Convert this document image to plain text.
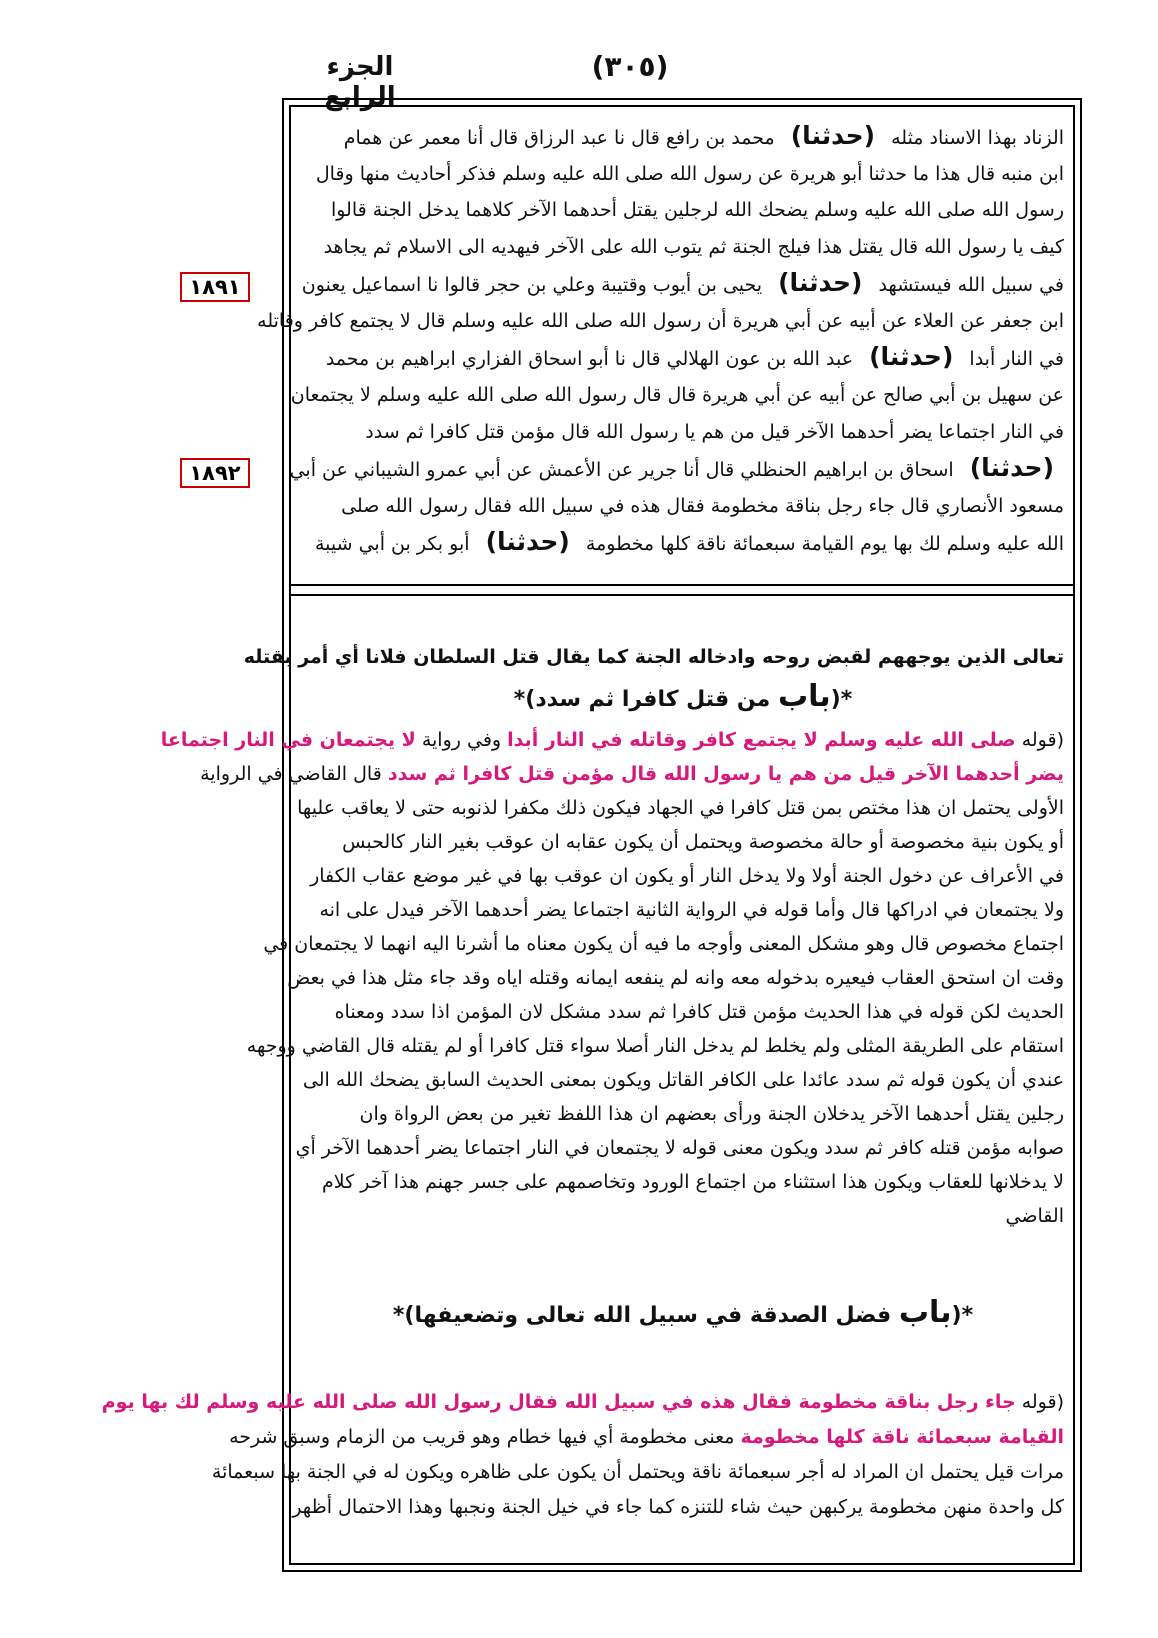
(٣٠٥)
الجزء الرابع
١٨٩١
١٨٩٢
الزناد بهذا الاسناد مثله (حدثنا) محمد بن رافع قال نا عبد الرزاق قال أنا معمر عن همام
ابن منبه قال هذا ما حدثنا أبو هريرة عن رسول الله صلى الله عليه وسلم فذكر أحاديث منها وقال
رسول الله صلى الله عليه وسلم يضحك الله لرجلين يقتل أحدهما الآخر كلاهما يدخل الجنة قالوا
كيف يا رسول الله قال يقتل هذا فيلج الجنة ثم يتوب الله على الآخر فيهديه الى الاسلام ثم يجاهد
في سبيل الله فيستشهد (حدثنا) يحيى بن أيوب وقتيبة وعلي بن حجر قالوا نا اسماعيل يعنون
ابن جعفر عن العلاء عن أبيه عن أبي هريرة أن رسول الله صلى الله عليه وسلم قال لا يجتمع كافر وقاتله
في النار أبدا (حدثنا) عبد الله بن عون الهلالي قال نا أبو اسحاق الفزاري ابراهيم بن محمد
عن سهيل بن أبي صالح عن أبيه عن أبي هريرة قال قال رسول الله صلى الله عليه وسلم لا يجتمعان
في النار اجتماعا يضر أحدهما الآخر قيل من هم يا رسول الله قال مؤمن قتل كافرا ثم سدد
(حدثنا) اسحاق بن ابراهيم الحنظلي قال أنا جرير عن الأعمش عن أبي عمرو الشيباني عن أبي
مسعود الأنصاري قال جاء رجل بناقة مخطومة فقال هذه في سبيل الله فقال رسول الله صلى
الله عليه وسلم لك بها يوم القيامة سبعمائة ناقة كلها مخطومة (حدثنا) أبو بكر بن أبي شيبة
تعالى الذين يوجههم لقبض روحه وادخاله الجنة كما يقال قتل السلطان فلانا أي أمر بقتله
*(باب من قتل كافرا ثم سدد)*
(قوله صلى الله عليه وسلم لا يجتمع كافر وقاتله في النار أبدا وفي رواية لا يجتمعان في النار اجتماعا
يضر أحدهما الآخر قيل من هم يا رسول الله قال مؤمن قتل كافرا ثم سدد قال القاضي في الرواية
الأولى يحتمل ان هذا مختص بمن قتل كافرا في الجهاد فيكون ذلك مكفرا لذنوبه حتى لا يعاقب عليها
أو يكون بنية مخصوصة أو حالة مخصوصة ويحتمل أن يكون عقابه ان عوقب بغير النار كالحبس
في الأعراف عن دخول الجنة أولا ولا يدخل النار أو يكون ان عوقب بها في غير موضع عقاب الكفار
ولا يجتمعان في ادراكها قال وأما قوله في الرواية الثانية اجتماعا يضر أحدهما الآخر فيدل على انه
اجتماع مخصوص قال وهو مشكل المعنى وأوجه ما فيه أن يكون معناه ما أشرنا اليه انهما لا يجتمعان في
وقت ان استحق العقاب فيعيره بدخوله معه وانه لم ينفعه ايمانه وقتله اياه وقد جاء مثل هذا في بعض
الحديث لكن قوله في هذا الحديث مؤمن قتل كافرا ثم سدد مشكل لان المؤمن اذا سدد ومعناه
استقام على الطريقة المثلى ولم يخلط لم يدخل النار أصلا سواء قتل كافرا أو لم يقتله قال القاضي ووجهه
عندي أن يكون قوله ثم سدد عائدا على الكافر القاتل ويكون بمعنى الحديث السابق يضحك الله الى
رجلين يقتل أحدهما الآخر يدخلان الجنة ورأى بعضهم ان هذا اللفظ تغير من بعض الرواة وان
صوابه مؤمن قتله كافر ثم سدد ويكون معنى قوله لا يجتمعان في النار اجتماعا يضر أحدهما الآخر أي
لا يدخلانها للعقاب ويكون هذا استثناء من اجتماع الورود وتخاصمهم على جسر جهنم هذا آخر كلام
القاضي
*(باب فضل الصدقة في سبيل الله تعالى وتضعيفها)*
(قوله جاء رجل بناقة مخطومة فقال هذه في سبيل الله فقال رسول الله صلى الله عليه وسلم لك بها يوم
القيامة سبعمائة ناقة كلها مخطومة معنى مخطومة أي فيها خطام وهو قريب من الزمام وسبق شرحه
مرات قيل يحتمل ان المراد له أجر سبعمائة ناقة ويحتمل أن يكون على ظاهره ويكون له في الجنة بها سبعمائة
كل واحدة منهن مخطومة يركبهن حيث شاء للتنزه كما جاء في خيل الجنة ونجبها وهذا الاحتمال أظهر
